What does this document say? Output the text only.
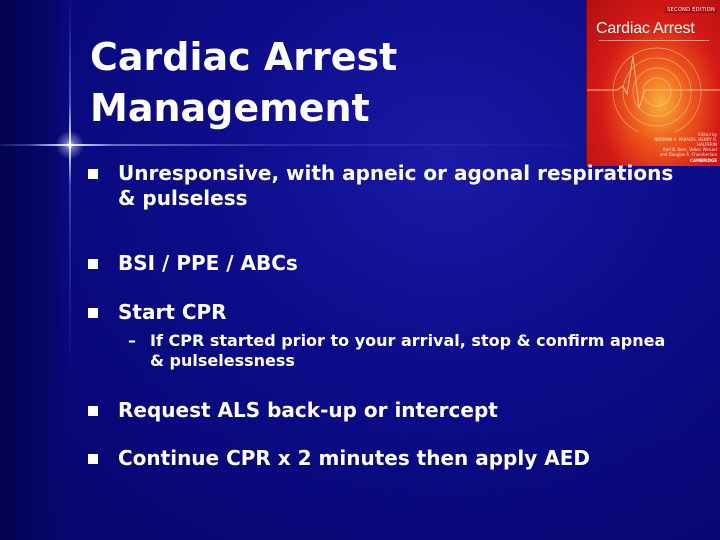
Cardiac Arrest
Management
SECOND EDITION
Cardiac Arrest
Edited by
NORMAN A. PARADIS, HENRY R. HALPERIN
Karl B. Kern, Volker Wenzel
and Douglas A. Chamberlain
CAMBRIDGE

Unresponsive, with apneic or agonal respirations & pulseless

BSI / PPE / ABCs

Start CPR

– If CPR started prior to your arrival, stop & confirm apnea & pulselessness

Request ALS back-up or intercept

Continue CPR x 2 minutes then apply AED
